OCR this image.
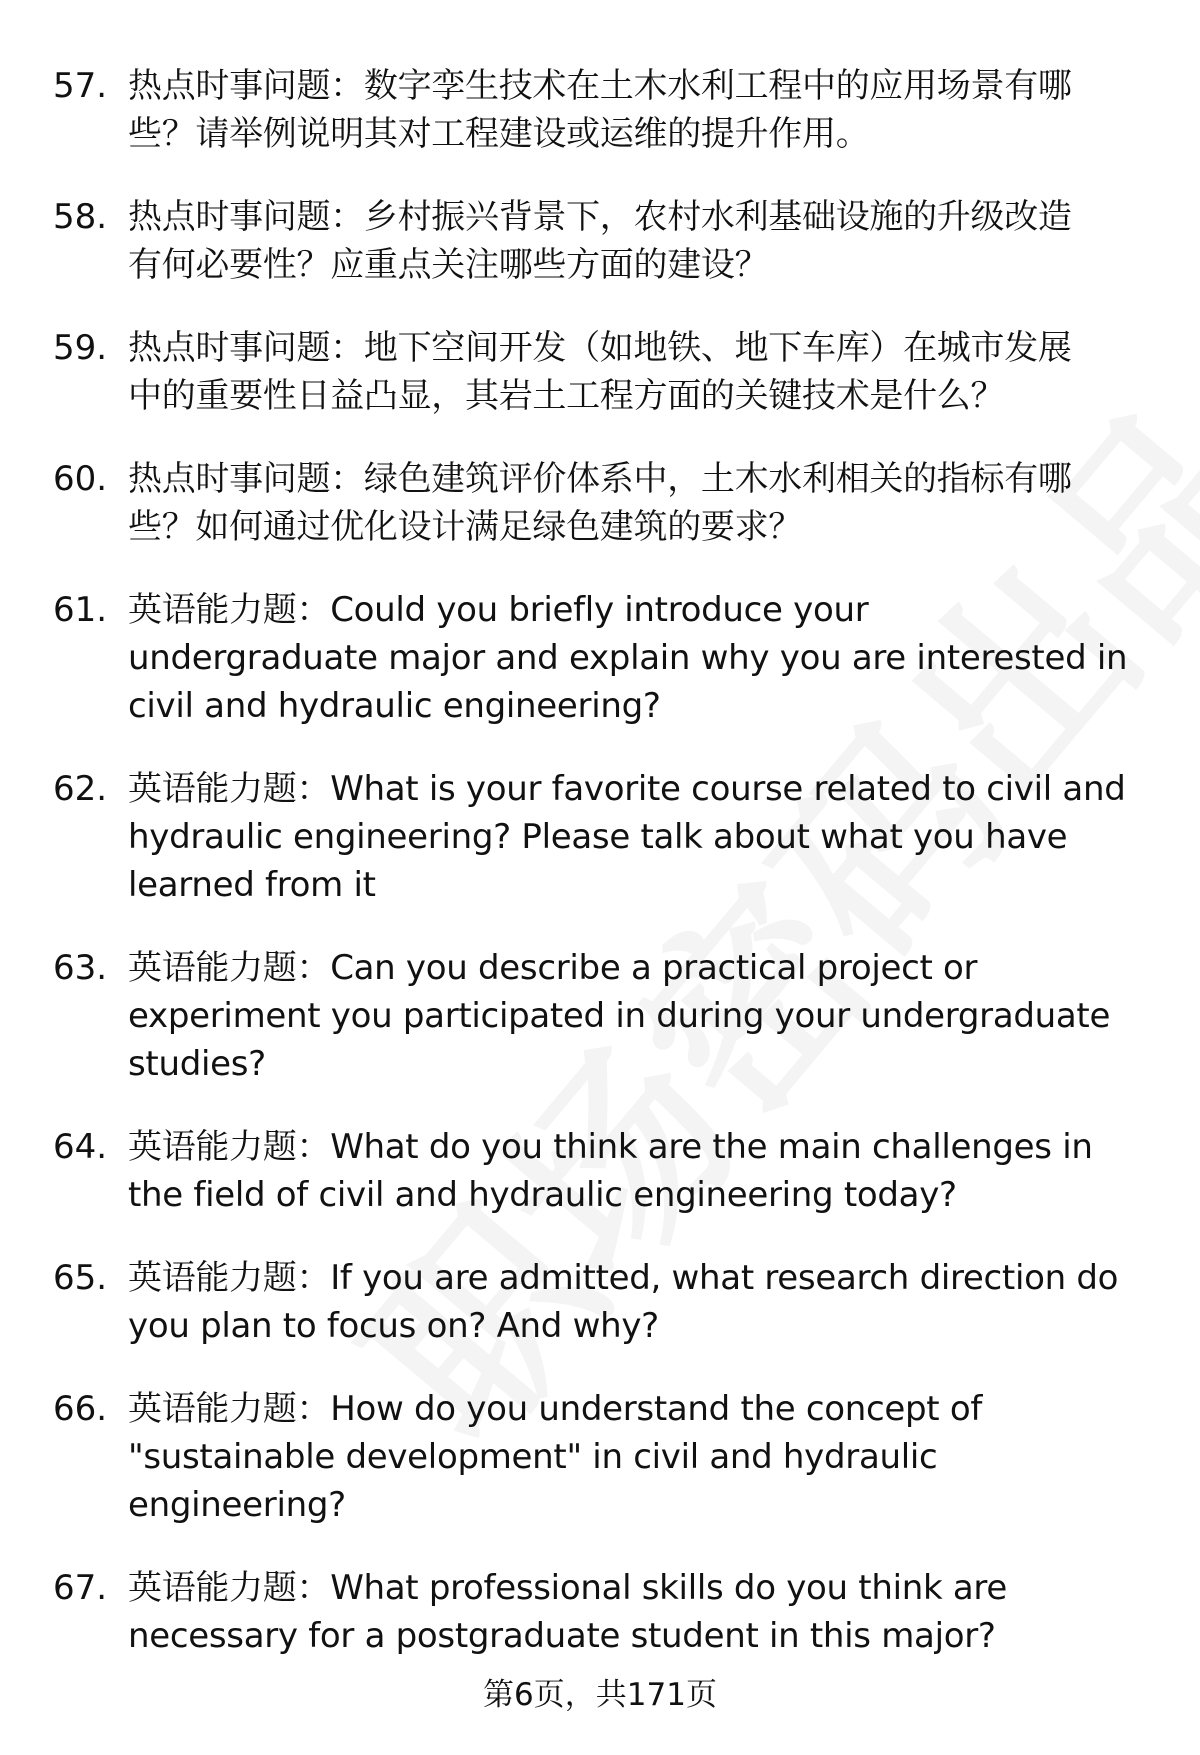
57. 热点时事问题：数字孪生技术在土木水利工程中的应用场景有哪
些？请举例说明其对工程建设或运维的提升作用。
58. 热点时事问题：乡村振兴背景下，农村水利基础设施的升级改造
有何必要性？应重点关注哪些方面的建设？
59. 热点时事问题：地下空间开发（如地铁、地下车库）在城市发展
中的重要性日益凸显，其岩土工程方面的关键技术是什么？
60. 热点时事问题：绿色建筑评价体系中，土木水利相关的指标有哪
些？如何通过优化设计满足绿色建筑的要求？
61. 英语能力题：Could you briefly introduce your
undergraduate major and explain why you are interested in
civil and hydraulic engineering?
62. 英语能力题：What is your favorite course related to civil and
hydraulic engineering? Please talk about what you have
learned from it
63. 英语能力题：Can you describe a practical project or
experiment you participated in during your undergraduate
studies?
64. 英语能力题：What do you think are the main challenges in
the field of civil and hydraulic engineering today?
65. 英语能力题：If you are admitted, what research direction do
you plan to focus on? And why?
66. 英语能力题：How do you understand the concept of
"sustainable development" in civil and hydraulic
engineering?
67. 英语能力题：What professional skills do you think are
necessary for a postgraduate student in this major?
第6页，共171页
